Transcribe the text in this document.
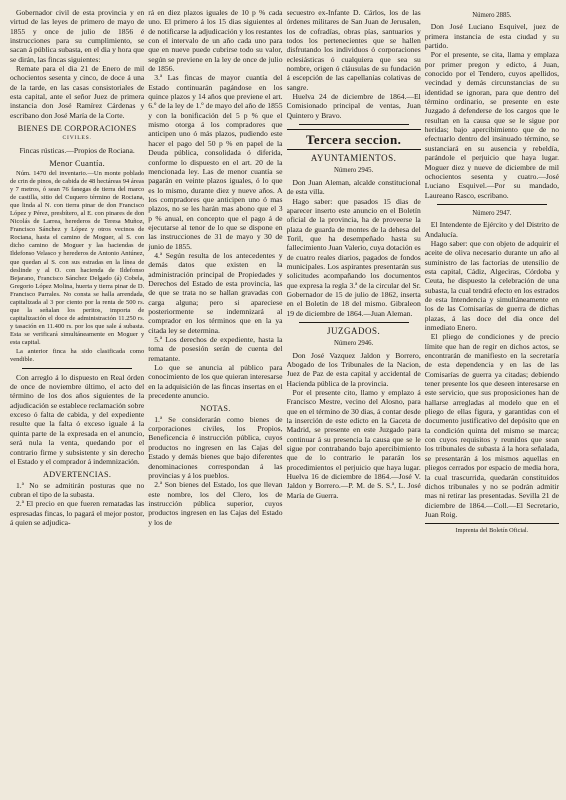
Gobernador civil de esta provincia y en virtud de las leyes de primero de mayo de 1855 y once de julio de 1856 é instrucciones para su cumplimiento, se sacan á pública subasta, en el dia y hora que se dirán, las fincas siguientes:

Remate para el dia 21 de Enero de mil ochocientos sesenta y cinco, de doce á una de la tarde, en las casas consistoriales de esta capital, ante el señor Juez de primera instancia don José Ramírez Cárdenas y escribano don José María de la Corte.

BIENES DE CORPORACIONES
CIVILES.

Fincas rústicas.—Propios de Rociana.

Menor Cuantía.

Núm. 1470 del inventario.—Un monte poblado de crin de pinos, de cabida de 48 hectáreas 94 áreas y 7 metros, ó sean 76 fanegas de tierra del marco de castilla, sitio del Cuquero término de Rociana, que linda al N. con tierra pinar de don Francisco López y Pérez, presbítero, al E. con pinares de don Nicolás de Larrea, herederos de Teresa Muñoz, Francisco Sánchez y López y otros vecinos de Rociana, hasta el camino de Moguer, al S. con dicho camino de Moguer y las haciendas de Ildefonso Velasco y herederos de Antonio Antúnez, que quedan al S. con sus estradas en la línea de deslinde y al O. con hacienda de Ildefonso Bejarano, Francisco Sánchez Delgado (á) Cobela, Gregorio López Molina, huerta y tierra pinar de D. Francisco Parrales. No consta se halla arrendada, capitalizada al 3 por ciento por la renta de 500 rs. que la señalan los peritos, importa de capitalización el doce de administración 11.250 rs. y tasación en 11.400 rs. por los que sale á subasta. Esta se verificará simultáneamente en Moguer y esta capital.

La anterior finca ha sido clasificada como vendible.

Con arreglo á lo dispuesto en Real órden de once de noviembre último, el acto del término de los dos años siguientes de la adjudicación se establece reclamación sobre exceso ó falta de cabida, y del expediente resulte que la falta ó exceso iguale á la quinta parte de la expresada en el anuncio, será nula la venta, quedando por el contrario firme y subsistente y sin derecho el Estado y el comprador á indemnización.

ADVERTENCIAS.

1.ª No se admitirán posturas que no cubran el tipo de la subasta.

2.ª El precio en que fueren rematadas las espresadas fincas, lo pagará el mejor postor, á quien se adjudica-

rá en diez plazos iguales de 10 p % cada uno. El primero á los 15 dias siguientes al de notificarse la adjudicación y los restantes con el intervalo de un año cada uno para que en nueve puede cubrirse todo su valor, según se previene en la ley de once de julio de 1856.

3.ª Las fincas de mayor cuantía del Estado continuarán pagándose en los quince plazos y 14 años que previene el art. 6.º de la ley de 1.º de mayo del año de 1855 y con la bonificación del 5 p % que el mismo otorga á los compradores que anticipen uno ó más plazos, pudiendo este hacer el pago del 50 p % en papel de la Deuda pública, consolidada ó diferida, conforme lo dispuesto en el art. 20 de la mencionada ley. Las de menor cuantía se pagarán en veinte plazos iguales, ó lo que es lo mismo, durante diez y nueve años. A los compradores que anticipen uno ó mas plazos, no se les harán mas abono que el 3 p % anual, en concepto que el pago á de ejecutarse al tenor de lo que se dispone en las instrucciones de 31 de mayo y 30 de junio de 1855.

4.ª Según resulta de los antecedentes y demás datos que existen en la administración principal de Propiedades y Derechos del Estado de esta provincia, las de que se trata no se hallan gravadas con carga alguna; pero si apareciese posteriormente se indemnizará al comprador en los términos que en la ya citada ley se determina.

5.ª Los derechos de expediente, hasta la toma de posesión serán de cuenta del rematante.

Lo que se anuncia al público para conocimiento de los que quieran interesarse en la adquisición de las fincas insertas en el precedente anuncio.

NOTAS.

1.ª Se considerarán como bienes de corporaciones civiles, los Propios, Beneficencia é instrucción pública, cuyos productos no ingresen en las Cajas del Estado y demás bienes que bajo diferentes denominaciones correspondan á las provincias y á los pueblos.

2.ª Son bienes del Estado, los que llevan este nombre, los del Clero, los de instrucción pública superior, cuyos productos ingresen en las Cajas del Estado y los de

secuestro ex-Infante D. Cárlos, los de las órdenes militares de San Juan de Jerusalen, los de cofradías, obras pías, santuarios y todos los pertenecientes que se hallen disfrutando los individuos ó corporaciones eclesiásticas ó cualquiera que sea su nombre, origen ó cláusulas de su fundación á escepción de las capellanías colativas de sangre.

Huelva 24 de diciembre de 1864.—El Comisionado principal de ventas, Juan Quintero y Bravo.

Tercera seccion.
AYUNTAMIENTOS.
Número 2945.

Don Juan Aleman, alcalde constitucional de esta villa.

Hago saber: que pasados 15 dias de aparecer inserto este anuncio en el Boletín oficial de la provincia, ha de proveerse la plaza de guarda de montes de la dehesa del Toril, que ha desempeñado hasta su fallecimiento Juan Valerio, cuya dotación es de cuatro reales diarios, pagados de fondos municipales. Los aspirantes presentarán sus solicitudes acompañando los documentos que expresa la regla 3.ª de la circular del Sr. Gobernador de 15 de julio de 1862, inserta en el Boletín de 18 del mismo. Gibraleon 19 de diciembre de 1864.—Juan Aleman.

JUZGADOS.
Número 2946.

Don José Vazquez Jaldon y Borrero, Abogado de los Tribunales de la Nacion, Juez de Paz de esta capital y accidental de Hacienda pública de la provincia.

Por el presente cito, llamo y emplazo á Francisco Mestre, vecino del Alosno, para que en el término de 30 dias, á contar desde la inserción de este edicto en la Gaceta de Madrid, se presente en este Juzgado para continuar á su presencia la causa que se le sigue por contrabando bajo apercibimiento que de lo contrario le pararán los procedimientos el perjuicio que haya lugar. Huelva 16 de diciembre de 1864.—José V. Jaldon y Borrero.—P. M. de S. S.ª, L. José María de Guerra.

Número 2885.

Don José Luciano Esquivel, juez de primera instancia de esta ciudad y su partido.

Por el presente, se cita, llama y emplaza por primer pregon y edicto, á Juan, conocido por el Tendero, cuyos apellidos, vecindad y demás circunstancias de su identidad se ignoran, para que dentro del término ordinario, se presente en este Juzgado á defenderse de los cargos que le resultan en la causa que se le sigue por heridas; bajo apercibimiento que de no efectuarlo dentro del insinuado término, se sustanciará en su ausencia y rebeldía, parándole el perjuicio que haya lugar. Moguer diez y nueve de diciembre de mil ochocientos sesenta y cuatro.—José Luciano Esquivel.—Por su mandado, Laureano Rasco, escribano.

Número 2947.

El Intendente de Ejército y del Distrito de Andalucía.

Hago saber: que con objeto de adquirir el aceite de oliva necesario durante un año al suministro de las factorías de utensilio de esta capital, Cádiz, Algeciras, Córdoba y Ceuta, he dispuesto la celebración de una subasta, la cual tendrá efecto en los estrados de esta Intendencia y simultáneamente en los de las Comisarías de guerra de dichas plazas, á las doce del dia once del inmediato Enero.

El pliego de condiciones y de precio límite que han de regir en dichos actos, se encontrarán de manifiesto en la secretaría de esta dependencia y en las de las Comisarías de guerra ya citadas; debiendo tener presente los que deseen interesarse en este servicio, que sus proposiciones han de hallarse arregladas al modelo que en el pliego de ellas figura, y garantidas con el documento justificativo del depósito que en la condición quinta del mismo se marca; con cuyos requisitos y reunidos que sean los tribunales de subasta á la hora señalada, se presentarán á los mismos aquellas en pliegos cerrados por espacio de media hora, la cual trascurrida, quedarán constituidos dichos tribunales y no se podrán admitir mas ni retirar las presentadas. Sevilla 21 de diciembre de 1864.—Coll.—El Secretario, Juan Roig.

Imprenta del Boletín Oficial.
